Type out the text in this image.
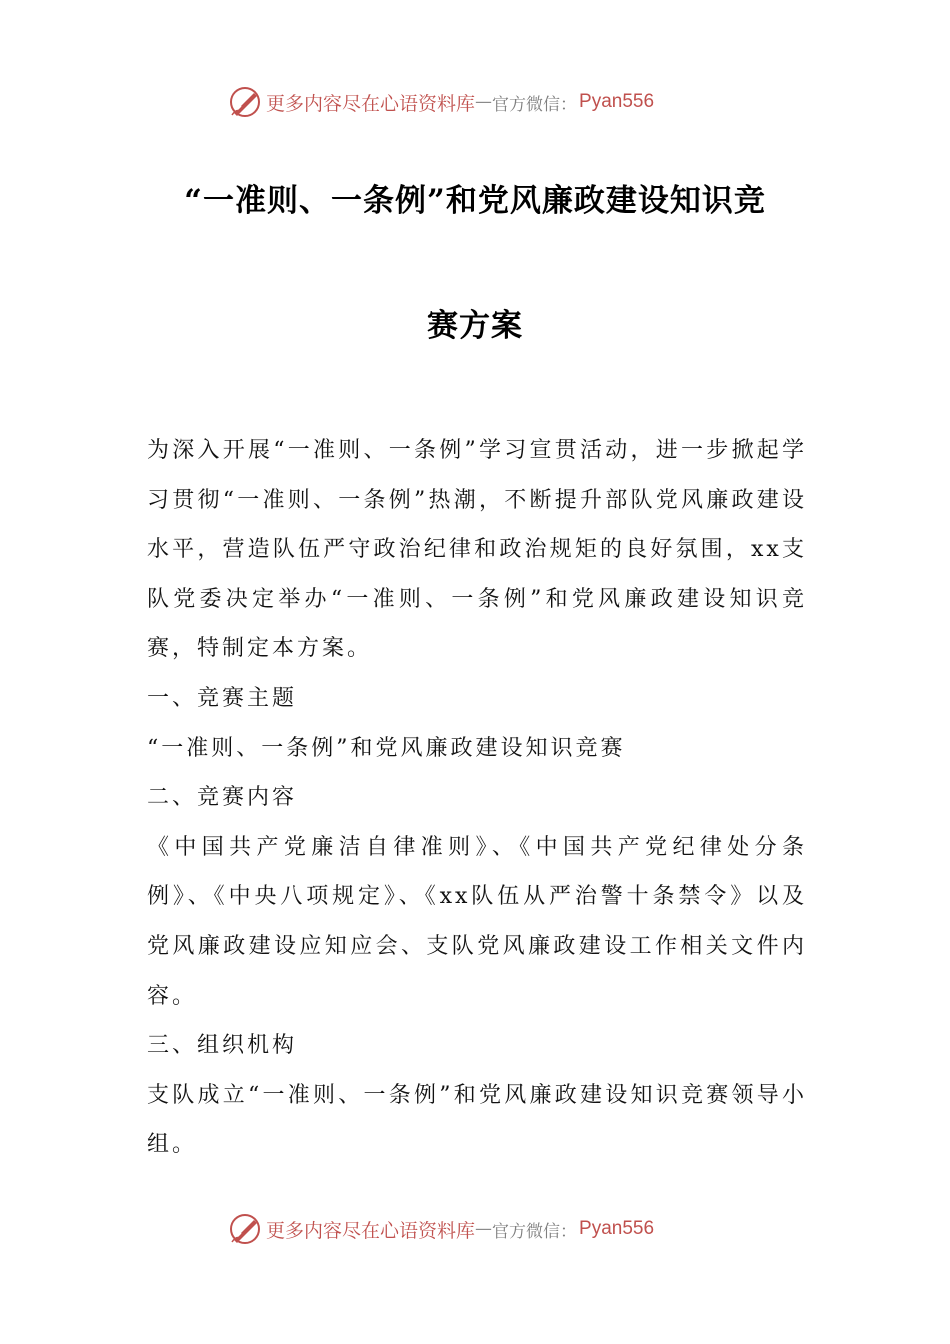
更多内容尽在心语资料库 — 官方微信： Pyan556
“一准则、一条例”和党风廉政建设知识竞
赛方案

为深入开展“一准则、一条例”学习宣贯活动，进一步掀起学习贯彻“一准则、一条例”热潮，不断提升部队党风廉政建设水平，营造队伍严守政治纪律和政治规矩的良好氛围，xx支队党委决定举办“一准则、一条例”和党风廉政建设知识竞赛，特制定本方案。

一、竞赛主题

“一准则、一条例”和党风廉政建设知识竞赛

二、竞赛内容

《中国共产党廉洁自律准则》、《中国共产党纪律处分条例》、《中央八项规定》、《xx队伍从严治警十条禁令》以及党风廉政建设应知应会、支队党风廉政建设工作相关文件内容。

三、组织机构

支队成立“一准则、一条例”和党风廉政建设知识竞赛领导小组。

更多内容尽在心语资料库 — 官方微信： Pyan556
